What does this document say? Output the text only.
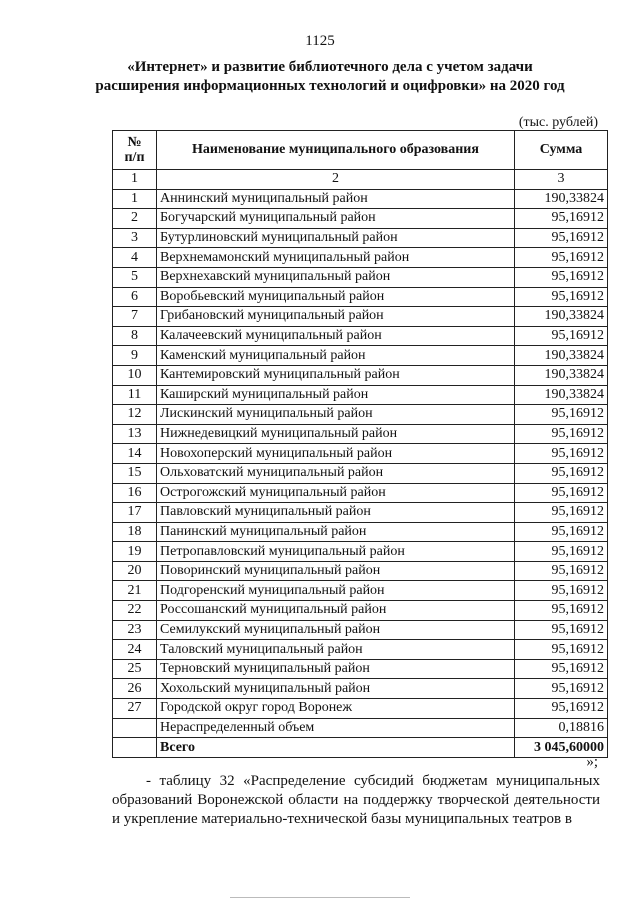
1125
«Интернет» и развитие библиотечного дела с учетом задачи
расширения информационных технологий и оцифровки» на 2020 год
(тыс. рублей)
№
п/п	Наименование муниципального образования	Сумма
1	2	3
1	Аннинский муниципальный район	190,33824
2	Богучарский муниципальный район	95,16912
3	Бутурлиновский муниципальный район	95,16912
4	Верхнемамонский муниципальный район	95,16912
5	Верхнехавский муниципальный район	95,16912
6	Воробьевский муниципальный район	95,16912
7	Грибановский муниципальный район	190,33824
8	Калачеевский муниципальный район	95,16912
9	Каменский муниципальный район	190,33824
10	Кантемировский муниципальный район	190,33824
11	Каширский муниципальный район	190,33824
12	Лискинский муниципальный район	95,16912
13	Нижнедевицкий муниципальный район	95,16912
14	Новохоперский муниципальный район	95,16912
15	Ольховатский муниципальный район	95,16912
16	Острогожский муниципальный район	95,16912
17	Павловский муниципальный район	95,16912
18	Панинский муниципальный район	95,16912
19	Петропавловский муниципальный район	95,16912
20	Поворинский муниципальный район	95,16912
21	Подгоренский муниципальный район	95,16912
22	Россошанский муниципальный район	95,16912
23	Семилукский муниципальный район	95,16912
24	Таловский муниципальный район	95,16912
25	Терновский муниципальный район	95,16912
26	Хохольский муниципальный район	95,16912
27	Городской округ город Воронеж	95,16912
	Нераспределенный объем	0,18816
	Всего	3 045,60000
»;

- таблицу 32 «Распределение субсидий бюджетам муниципальных образований Воронежской области на поддержку творческой деятельности и укрепление материально-технической базы муниципальных театров в
